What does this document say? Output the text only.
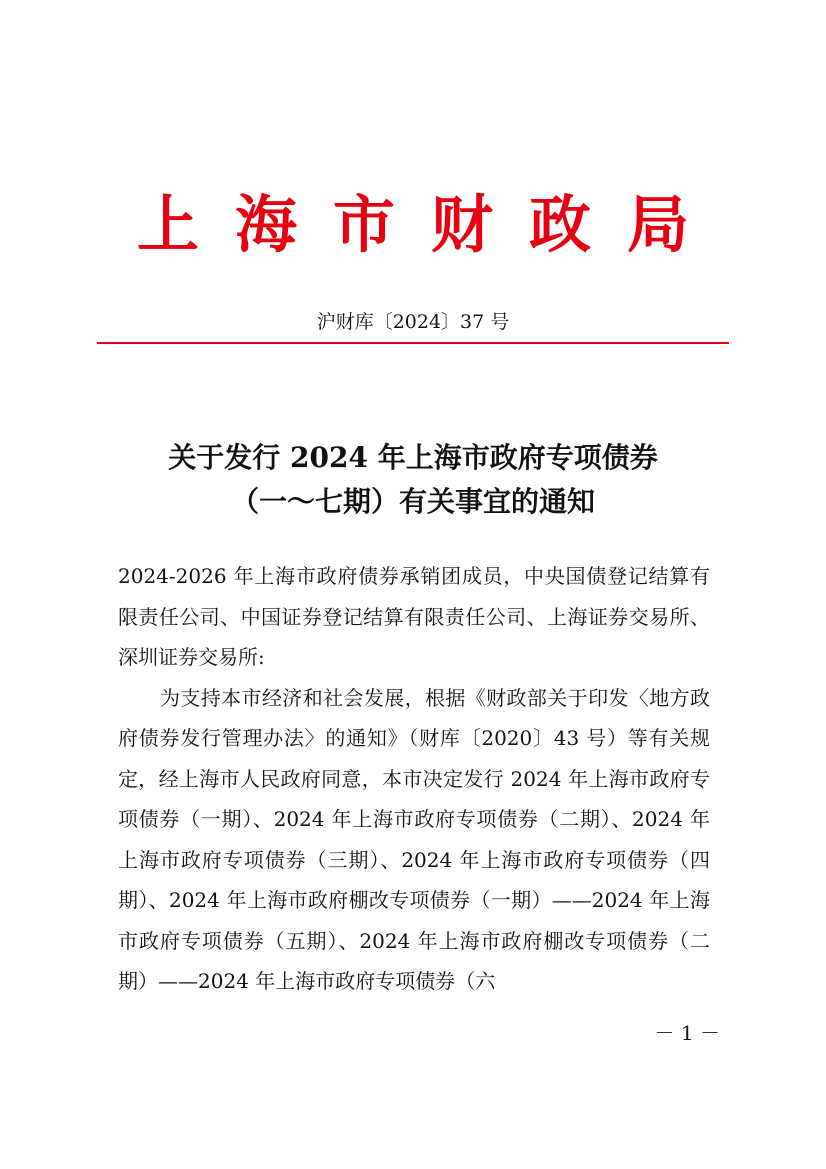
上海市财政局
沪财库〔2024〕37 号
关于发行 2024 年上海市政府专项债券
（一～七期）有关事宜的通知

2024-2026 年上海市政府债券承销团成员，中央国债登记结算有限责任公司、中国证券登记结算有限责任公司、上海证券交易所、深圳证券交易所:

为支持本市经济和社会发展，根据《财政部关于印发〈地方政府债券发行管理办法〉的通知》（财库〔2020〕43 号）等有关规定，经上海市人民政府同意，本市决定发行 2024 年上海市政府专项债券（一期）、2024 年上海市政府专项债券（二期）、2024 年上海市政府专项债券（三期）、2024 年上海市政府专项债券（四期）、2024 年上海市政府棚改专项债券（一期）——2024 年上海市政府专项债券（五期）、2024 年上海市政府棚改专项债券（二期）——2024 年上海市政府专项债券（六

－ 1 －
